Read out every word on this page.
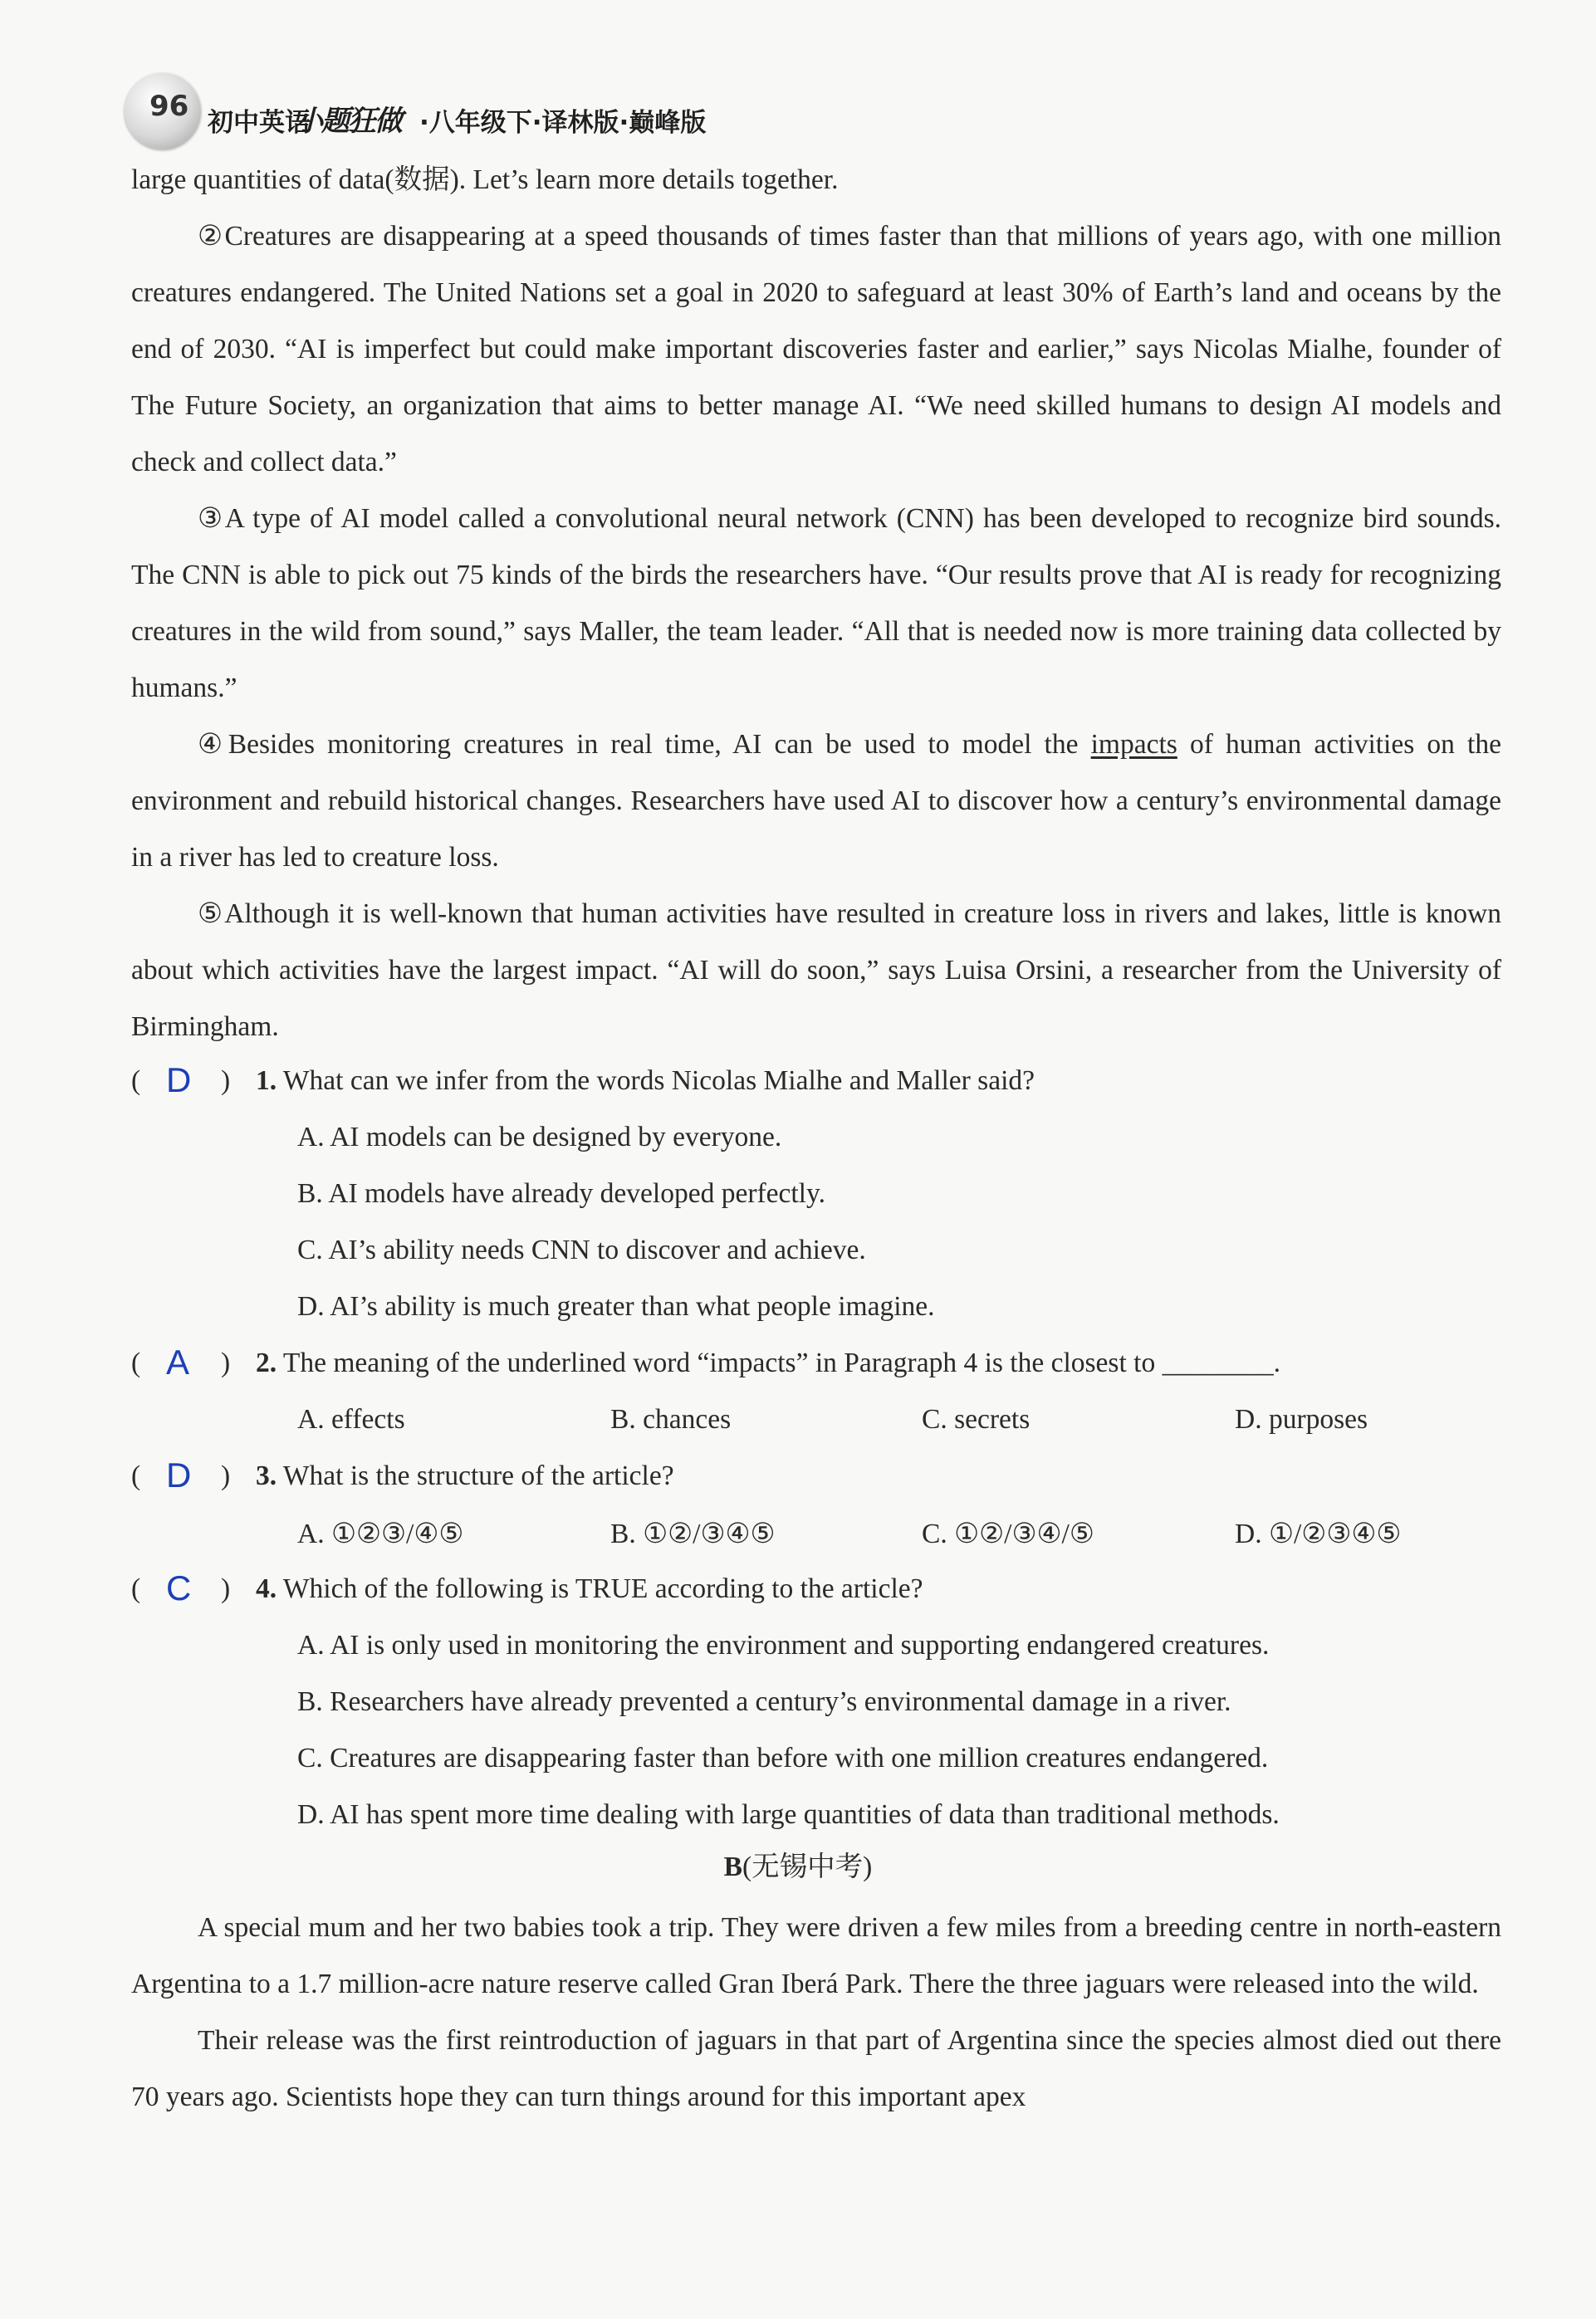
96 初中英语
小题狂做 ·八年级下·译林版·巅峰版

large quantities of data(数据). Let’s learn more details together.

②Creatures are disappearing at a speed thousands of times faster than that millions of years ago, with one million creatures endangered. The United Nations set a goal in 2020 to safeguard at least 30% of Earth’s land and oceans by the end of 2030. “AI is imperfect but could make important discoveries faster and earlier,” says Nicolas Mialhe, founder of The Future Society, an organization that aims to better manage AI. “We need skilled humans to design AI models and check and collect data.”

③A type of AI model called a convolutional neural network (CNN) has been developed to recognize bird sounds. The CNN is able to pick out 75 kinds of the birds the researchers have. “Our results prove that AI is ready for recognizing creatures in the wild from sound,” says Maller, the team leader. “All that is needed now is more training data collected by humans.”

④Besides monitoring creatures in real time, AI can be used to model the impacts of human activities on the environment and rebuild historical changes. Researchers have used AI to discover how a century’s environmental damage in a river has led to creature loss.

⑤Although it is well-known that human activities have resulted in creature loss in rivers and lakes, little is known about which activities have the largest impact. “AI will do soon,” says Luisa Orsini, a researcher from the University of Birmingham.

( D ) 1. What can we infer from the words Nicolas Mialhe and Maller said?
A. AI models can be designed by everyone.
B. AI models have already developed perfectly.
C. AI’s ability needs CNN to discover and achieve.
D. AI’s ability is much greater than what people imagine.
( A ) 2. The meaning of the underlined word “impacts” in Paragraph 4 is the closest to ________.
A. effects	B. chances	C. secrets	D. purposes
( D ) 3. What is the structure of the article?
A. ①②③/④⑤	B. ①②/③④⑤	C. ①②/③④/⑤	D. ①/②③④⑤
( C ) 4. Which of the following is TRUE according to the article?
A. AI is only used in monitoring the environment and supporting endangered creatures.
B. Researchers have already prevented a century’s environmental damage in a river.
C. Creatures are disappearing faster than before with one million creatures endangered.
D. AI has spent more time dealing with large quantities of data than traditional methods.
B(无锡中考)

A special mum and her two babies took a trip. They were driven a few miles from a breeding centre in north-eastern Argentina to a 1.7 million-acre nature reserve called Gran Iberá Park. There the three jaguars were released into the wild.

Their release was the first reintroduction of jaguars in that part of Argentina since the species almost died out there 70 years ago. Scientists hope they can turn things around for this important apex
